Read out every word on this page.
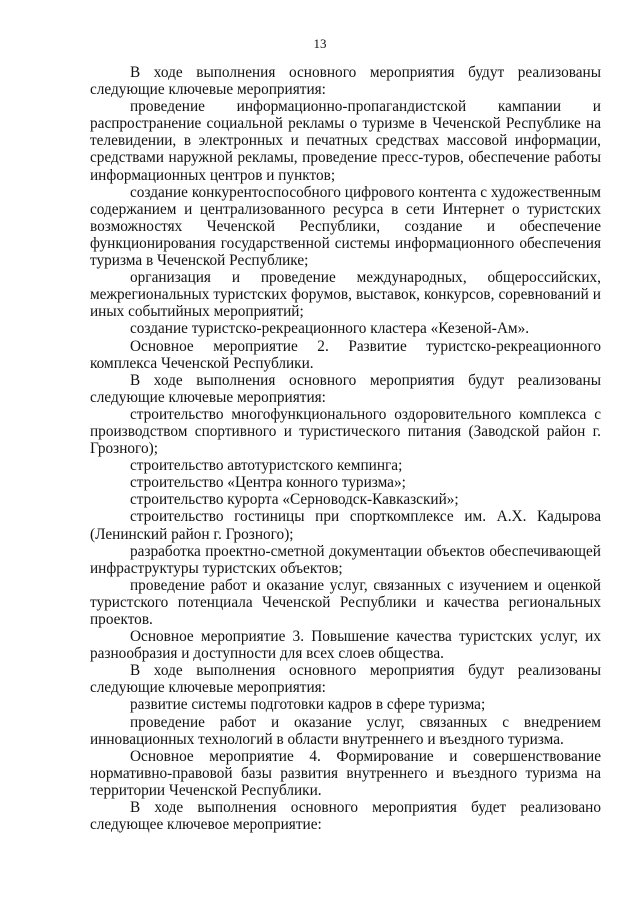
13

В ходе выполнения основного мероприятия будут реализованы следующие ключевые мероприятия:

проведение информационно-пропагандистской кампании и распространение социальной рекламы о туризме в Чеченской Республике на телевидении, в электронных и печатных средствах массовой информации, средствами наружной рекламы, проведение пресс-туров, обеспечение работы информационных центров и пунктов;

создание конкурентоспособного цифрового контента с художественным содержанием и централизованного ресурса в сети Интернет о туристских возможностях Чеченской Республики, создание и обеспечение функционирования государственной системы информационного обеспечения туризма в Чеченской Республике;

организация и проведение международных, общероссийских, межрегиональных туристских форумов, выставок, конкурсов, соревнований и иных событийных мероприятий;

создание туристско-рекреационного кластера «Кезеной-Ам».

Основное мероприятие 2. Развитие туристско-рекреационного комплекса Чеченской Республики.

В ходе выполнения основного мероприятия будут реализованы следующие ключевые мероприятия:

строительство многофункционального оздоровительного комплекса с производством спортивного и туристического питания (Заводской район г. Грозного);

строительство автотуристского кемпинга;

строительство «Центра конного туризма»;

строительство курорта «Серноводск-Кавказский»;

строительство гостиницы при спорткомплексе им. А.Х. Кадырова (Ленинский район г. Грозного);

разработка проектно-сметной документации объектов обеспечивающей инфраструктуры туристских объектов;

проведение работ и оказание услуг, связанных с изучением и оценкой туристского потенциала Чеченской Республики и качества региональных проектов.

Основное мероприятие 3. Повышение качества туристских услуг, их разнообразия и доступности для всех слоев общества.

В ходе выполнения основного мероприятия будут реализованы следующие ключевые мероприятия:

развитие системы подготовки кадров в сфере туризма;

проведение работ и оказание услуг, связанных с внедрением инновационных технологий в области внутреннего и въездного туризма.

Основное мероприятие 4. Формирование и совершенствование нормативно-правовой базы развития внутреннего и въездного туризма на территории Чеченской Республики.

В ходе выполнения основного мероприятия будет реализовано следующее ключевое мероприятие:
